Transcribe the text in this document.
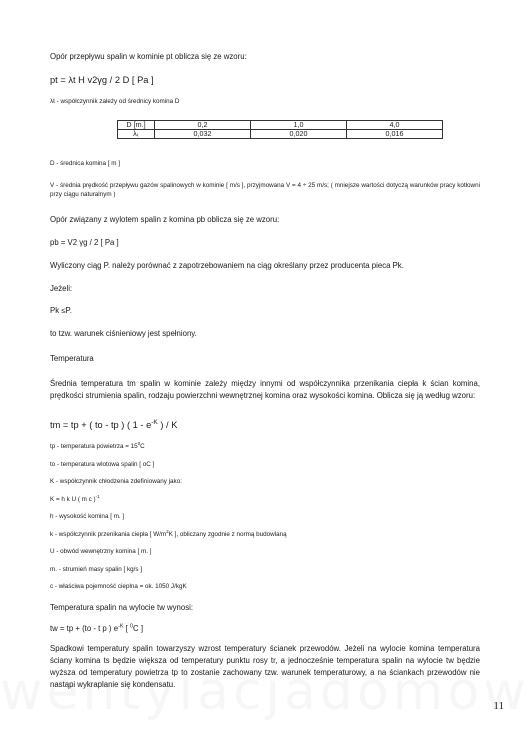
Opór przepływu spalin w kominie pt oblicza się ze wzoru:
pt = λt H v2γg / 2 D [ Pa ]
λt - współczynnik zależy od średnicy komina D
D [m.]	0,2	1,0	4,0
λₜ	0,032	0,020	0,016
D - średnica komina [ m ]
V - średnia prędkość przepływu gazów spalinowych w kominie [ m/s ], przyjmowana V = 4 ÷ 25 m/s; ( mniejsze wartości dotyczą warunków pracy kotłowni przy ciągu naturalnym )
Opór związany z wylotem spalin z komina pb oblicza się ze wzoru:
pb = V2 γg / 2 [ Pa ]
Wyliczony ciąg P. należy porównać z zapotrzebowaniem na ciąg określany przez producenta pieca Pk.
Jeżeli:
Pk ≤P.
to tzw. warunek ciśnieniowy jest spełniony.
Temperatura
Średnia temperatura tm spalin w kominie zależy między innymi od współczynnika przenikania ciepła k ścian komina, prędkości strumienia spalin, rodzaju powierzchni wewnętrznej komina oraz wysokości komina. Oblicza się ją według wzoru:
tm = tp + ( to - tp ) ( $1 - e^{-K}$ ) / K
tp - temperatura powietrza = $15^0C$
to - temperatura wlotowa spalin [ oC ]
K - współczynnik chłodzenia zdefiniowany jako:
K = h k U ( m c )$^{-1}$
h - wysokość komina [ m. ]
k - współczynnik przenikania ciepła [ $W/m^2K$ ], obliczany zgodnie z normą budowlaną
U - obwód wewnętrzny komina [ m. ]
m. - strumień masy spalin [ kg/s ]
c - właściwa pojemność cieplna = ok. 1050 J/kgK
Temperatura spalin na wylocie tw wynosi:
tw = tp + (to - t p ) $e^{-K}$ [ $^0$C ]
Spadkowi temperatury spalin towarzyszy wzrost temperatury ścianek przewodów. Jeżeli na wylocie komina temperatura ściany komina ts będzie większa od temperatury punktu rosy tr, a jednocześnie temperatura spalin na wylocie tw będzie wyższa od temperatury powietrza tp to zostanie zachowany tzw. warunek temperaturowy, a na ściankach przewodów nie nastąpi wykraplanie się kondensatu.
11
